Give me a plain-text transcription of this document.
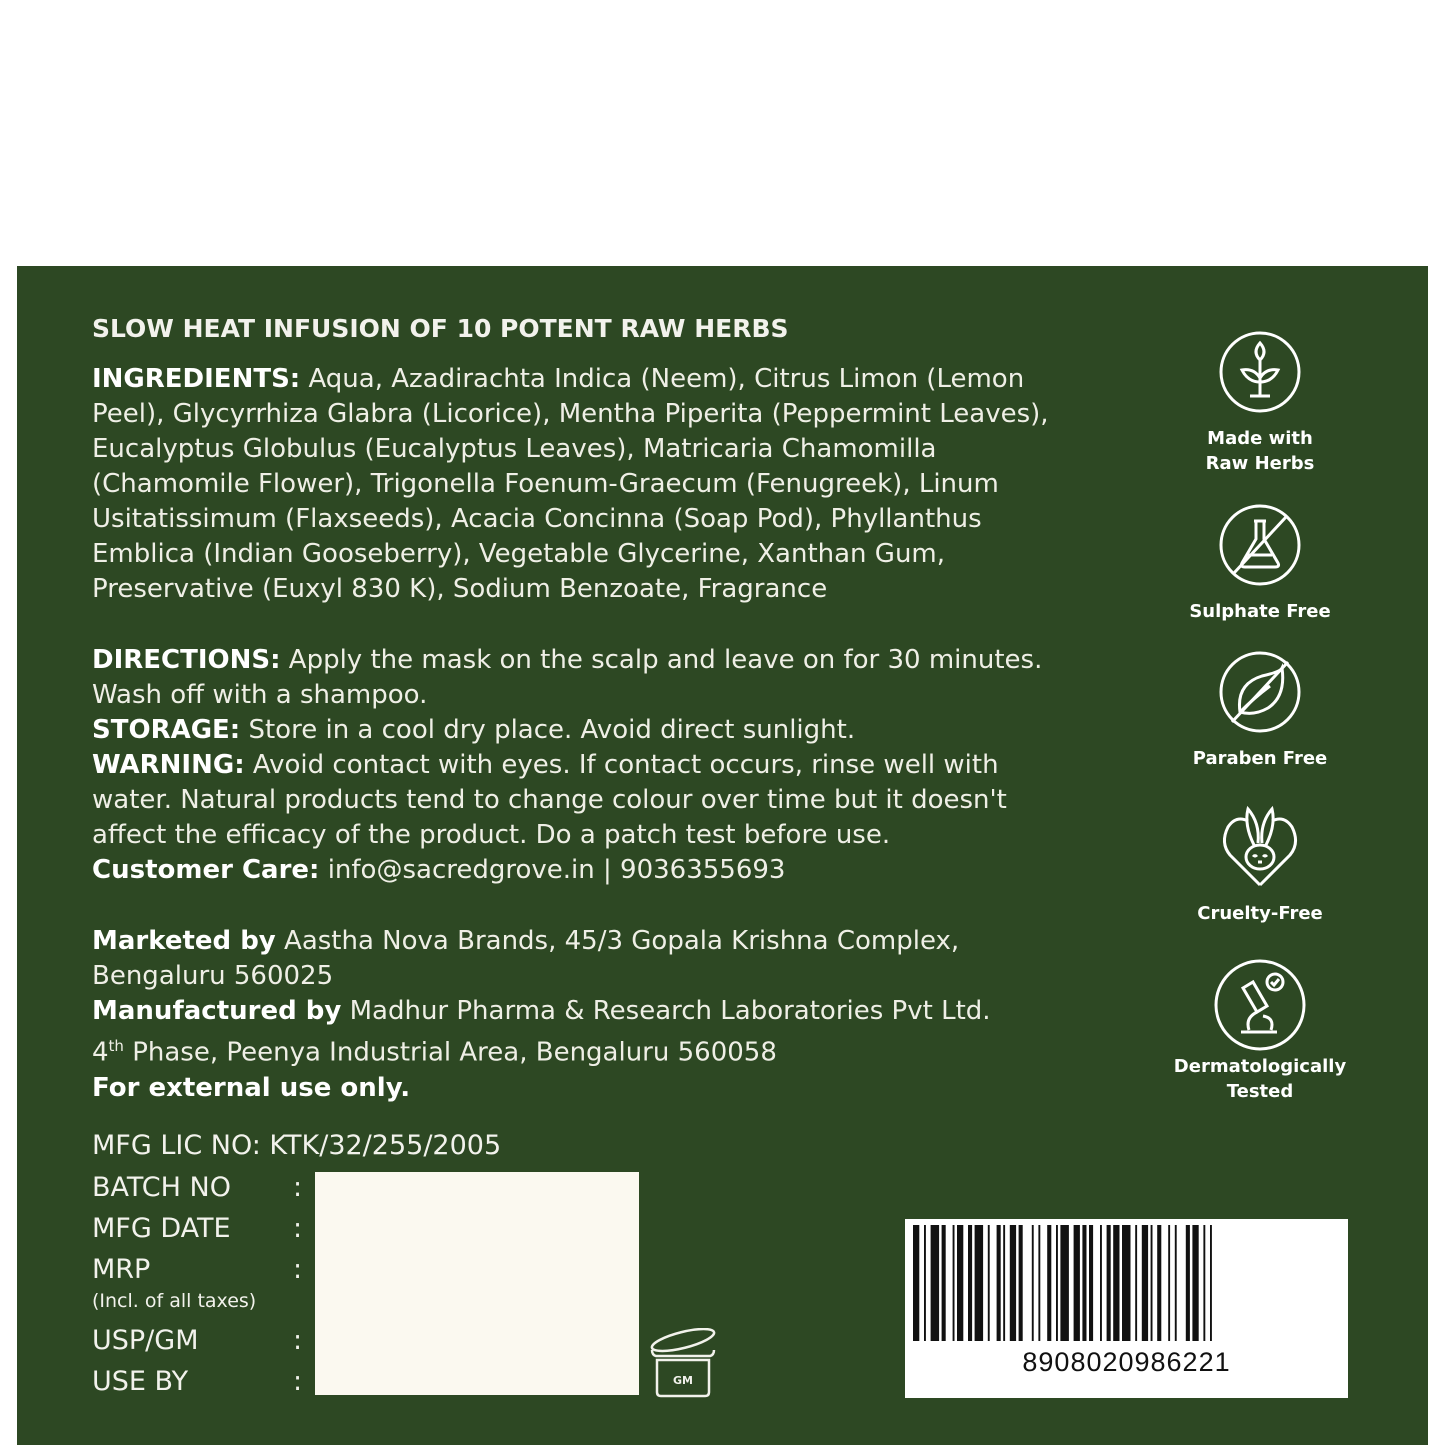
SLOW HEAT INFUSION OF 10 POTENT RAW HERBS
INGREDIENTS: Aqua, Azadirachta Indica (Neem), Citrus Limon (Lemon
Peel), Glycyrrhiza Glabra (Licorice), Mentha Piperita (Peppermint Leaves),
Eucalyptus Globulus (Eucalyptus Leaves), Matricaria Chamomilla
(Chamomile Flower), Trigonella Foenum-Graecum (Fenugreek), Linum
Usitatissimum (Flaxseeds), Acacia Concinna (Soap Pod), Phyllanthus
Emblica (Indian Gooseberry), Vegetable Glycerine, Xanthan Gum,
Preservative (Euxyl 830 K), Sodium Benzoate, Fragrance
DIRECTIONS: Apply the mask on the scalp and leave on for 30 minutes.
Wash off with a shampoo.
STORAGE: Store in a cool dry place. Avoid direct sunlight.
WARNING: Avoid contact with eyes. If contact occurs, rinse well with
water. Natural products tend to change colour over time but it doesn't
affect the efficacy of the product. Do a patch test before use.
Customer Care: info@sacredgrove.in | 9036355693
Marketed by Aastha Nova Brands, 45/3 Gopala Krishna Complex,
Bengaluru 560025
Manufactured by Madhur Pharma & Research Laboratories Pvt Ltd.
4th Phase, Peenya Industrial Area, Bengaluru 560058
For external use only.
MFG LIC NO: KTK/32/255/2005
BATCH NO :
MFG DATE :
MRP	:
(Incl. of all taxes)
USP/GM	:
USE BY	:	GM
8908020986221
Made with
Raw Herbs
Sulphate Free
Paraben Free
Cruelty-Free
Dermatologically
Tested
